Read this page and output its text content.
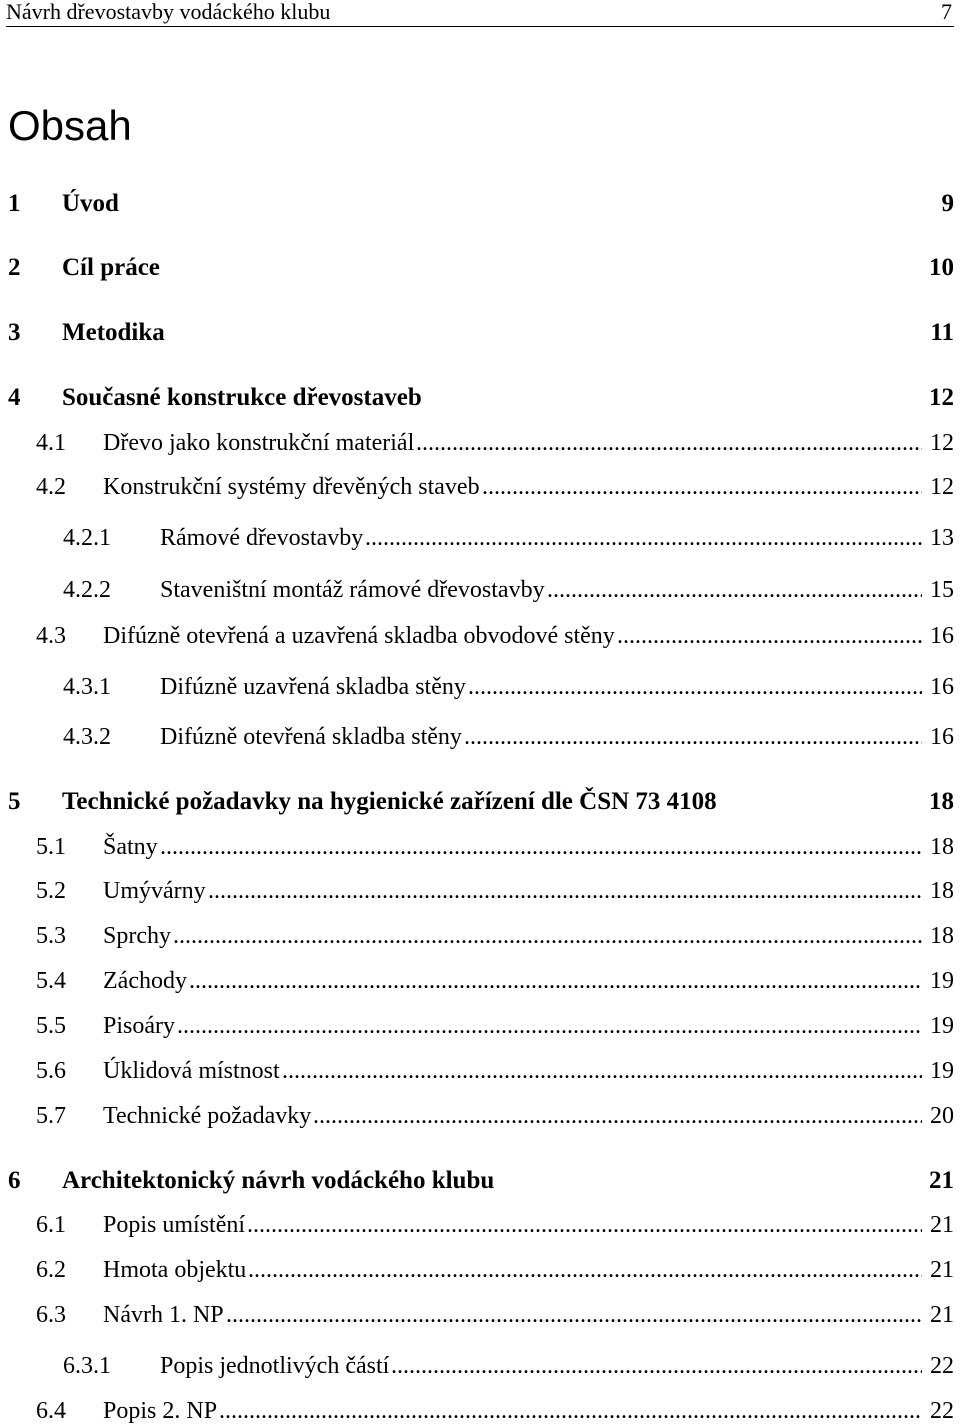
Návrh dřevostavby vodáckého klubu	7
Obsah
1 Úvod	9
2 Cíl práce	10
3 Metodika	11
4 Současné konstrukce dřevostaveb	12
4.1 Dřevo jako konstrukční materiál .....	12
4.2 Konstrukční systémy dřevěných staveb .....	12
4.2.1 Rámové dřevostavby .....	13
4.2.2 Staveništní montáž rámové dřevostavby .....	15
4.3 Difúzně otevřená a uzavřená skladba obvodové stěny .....	16
4.3.1 Difúzně uzavřená skladba stěny .....	16
4.3.2 Difúzně otevřená skladba stěny .....	16
5 Technické požadavky na hygienické zařízení dle ČSN 73 4108	18
5.1 Šatny .....	18
5.2 Umývárny .....	18
5.3 Sprchy .....	18
5.4 Záchody .....	19
5.5 Pisoáry .....	19
5.6 Úklidová místnost .....	19
5.7 Technické požadavky .....	20
6 Architektonický návrh vodáckého klubu	21
6.1 Popis umístění .....	21
6.2 Hmota objektu .....	21
6.3 Návrh 1. NP .....	21
6.3.1 Popis jednotlivých částí .....	22
6.4 Popis 2. NP .....	22
